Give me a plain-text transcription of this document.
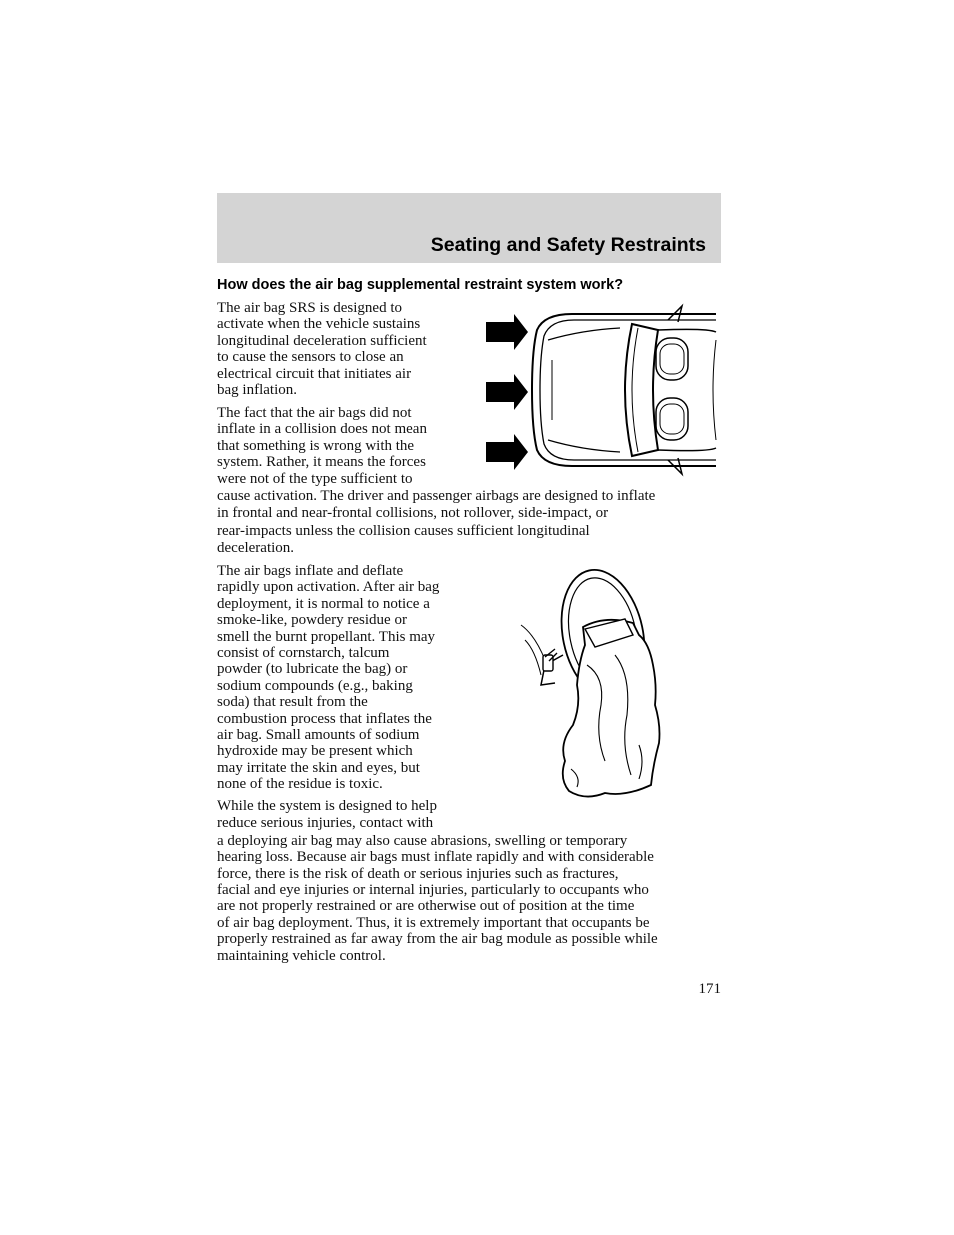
Seating and Safety Restraints
How does the air bag supplemental restraint system work?

The air bag SRS is designed to
activate when the vehicle sustains
longitudinal deceleration sufficient
to cause the sensors to close an
electrical circuit that initiates air
bag inflation.

The fact that the air bags did not
inflate in a collision does not mean
that something is wrong with the
system. Rather, it means the forces
were not of the type sufficient to
cause activation. The driver and passenger airbags are designed to inflate
in frontal and near-frontal collisions, not rollover, side-impact, or
rear-impacts unless the collision causes sufficient longitudinal
deceleration.

The air bags inflate and deflate
rapidly upon activation. After air bag
deployment, it is normal to notice a
smoke-like, powdery residue or
smell the burnt propellant. This may
consist of cornstarch, talcum
powder (to lubricate the bag) or
sodium compounds (e.g., baking
soda) that result from the
combustion process that inflates the
air bag. Small amounts of sodium
hydroxide may be present which
may irritate the skin and eyes, but
none of the residue is toxic.

While the system is designed to help
reduce serious injuries, contact with
a deploying air bag may also cause abrasions, swelling or temporary
hearing loss. Because air bags must inflate rapidly and with considerable
force, there is the risk of death or serious injuries such as fractures,
facial and eye injuries or internal injuries, particularly to occupants who
are not properly restrained or are otherwise out of position at the time
of air bag deployment. Thus, it is extremely important that occupants be
properly restrained as far away from the air bag module as possible while
maintaining vehicle control.

171
